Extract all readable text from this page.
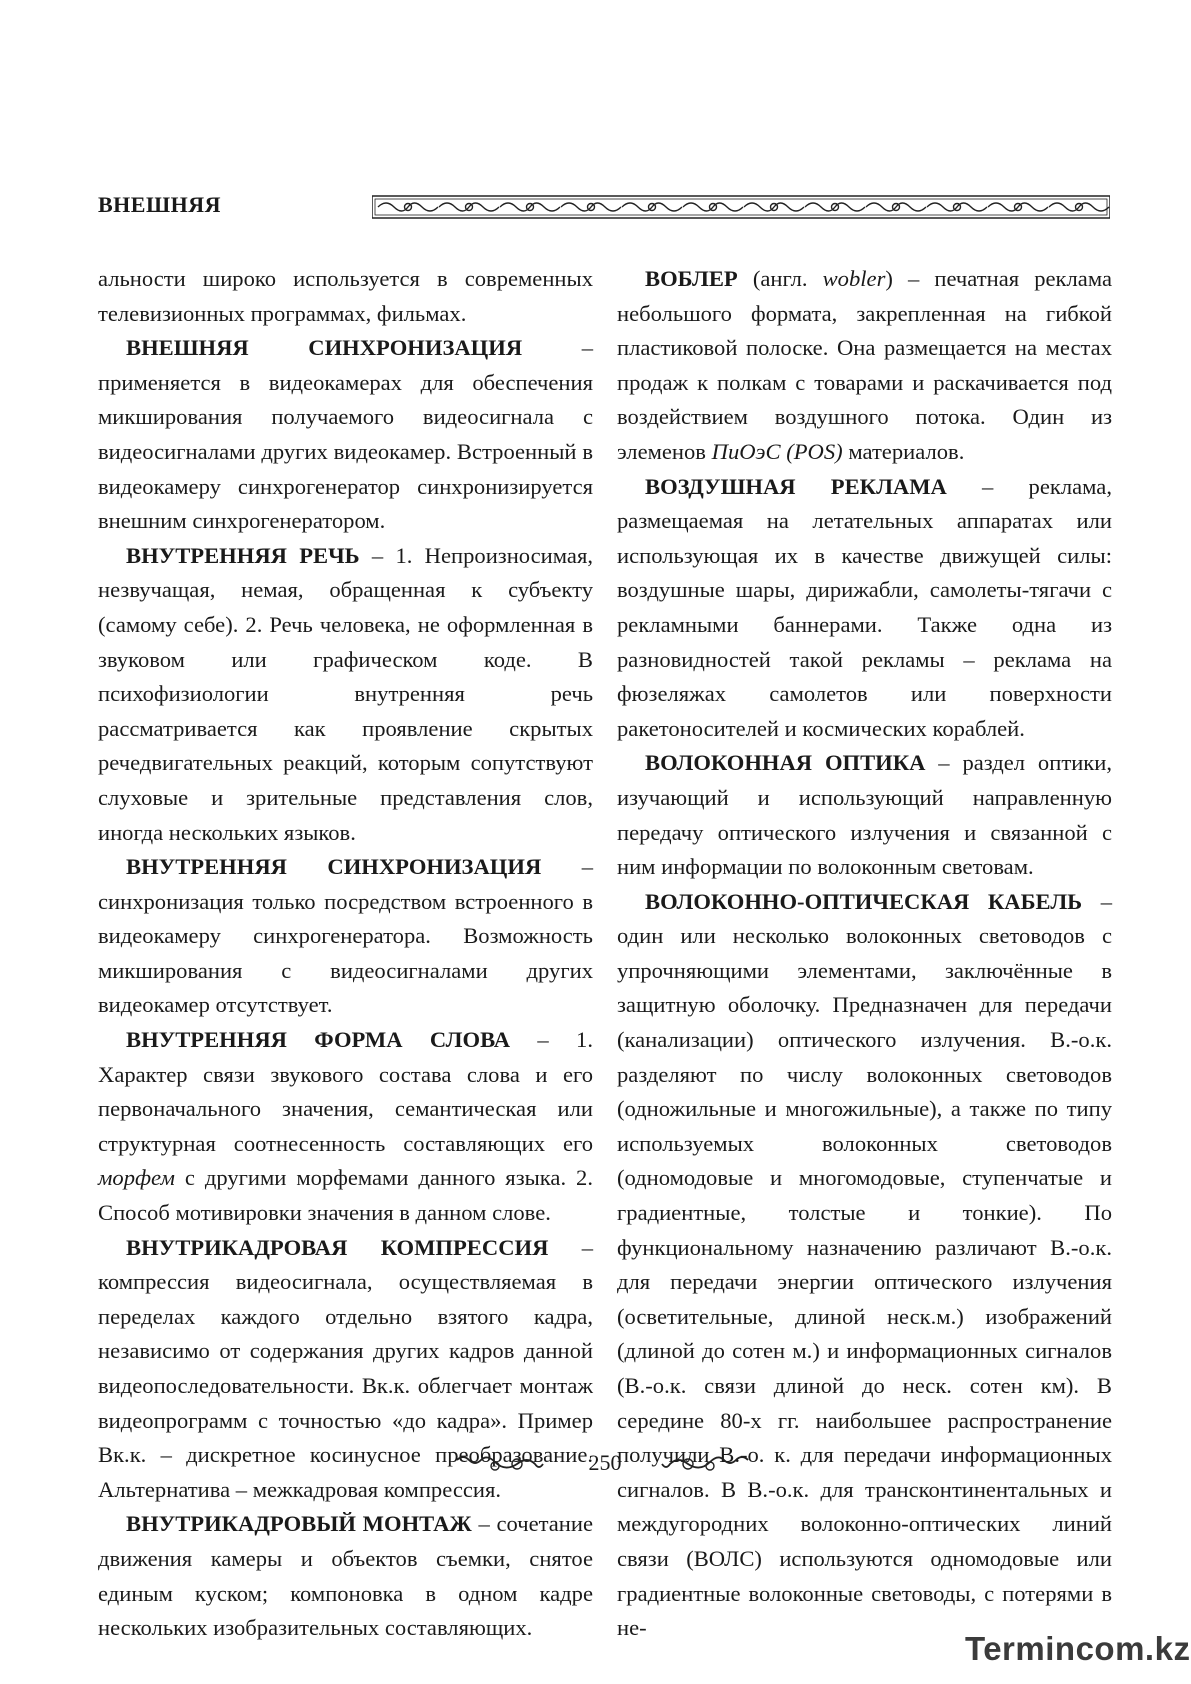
ВНЕШНЯЯ

альности широко используется в современных телевизионных программах, фильмах.

ВНЕШНЯЯ СИНХРОНИЗАЦИЯ – применяется в видеокамерах для обеспечения микширования получаемого видеосигнала с видеосигналами других видеокамер. Встроенный в видеокамеру синхрогенератор синхронизируется внешним синхрогенератором.

ВНУТРЕННЯЯ РЕЧЬ – 1. Непроизносимая, незвучащая, немая, обращенная к субъекту (самому себе). 2. Речь человека, не оформленная в звуковом или графическом коде. В психофизиологии внутренняя речь рассматривается как проявление скрытых речедвигательных реакций, которым сопутствуют слуховые и зрительные представления слов, иногда нескольких языков.

ВНУТРЕННЯЯ СИНХРОНИЗАЦИЯ – синхронизация только посредством встроенного в видеокамеру синхрогенератора. Возможность микширования с видеосигналами других видеокамер отсутствует.

ВНУТРЕННЯЯ ФОРМА СЛОВА – 1. Характер связи звукового состава слова и его первоначального значения, семантическая или структурная соотнесенность составляющих его морфем с другими морфемами данного языка. 2. Способ мотивировки значения в данном слове.

ВНУТРИКАДРОВАЯ КОМПРЕССИЯ – компрессия видеосигнала, осуществляемая в переделах каждого отдельно взятого кадра, независимо от содержания других кадров данной видеопоследовательности. Вк.к. облегчает монтаж видеопрограмм с точностью «до кадра». Пример Вк.к. – дискретное косинусное преобразование. Альтернатива – межкадровая компрессия.

ВНУТРИКАДРОВЫЙ МОНТАЖ – сочетание движения камеры и объектов съемки, снятое единым куском; компоновка в одном кадре нескольких изобразительных составляющих.

ВОБЛЕР (англ. wobler) – печатная реклама небольшого формата, закрепленная на гибкой пластиковой полоске. Она размещается на местах продаж к полкам с товарами и раскачивается под воздействием воздушного потока. Один из элеменов ПиОэС (POS) материалов.

ВОЗДУШНАЯ РЕКЛАМА – реклама, размещаемая на летательных аппаратах или использующая их в качестве движущей силы: воздушные шары, дирижабли, самолеты-тягачи с рекламными баннерами. Также одна из разновидностей такой рекламы – реклама на фюзеляжах самолетов или поверхности ракетоносителей и космических кораблей.

ВОЛОКОННАЯ ОПТИКА – раздел оптики, изучающий и использующий направленную передачу оптического излучения и связанной с ним информации по волоконным световам.

ВОЛОКОННО-ОПТИЧЕСКАЯ КАБЕЛЬ – один или несколько волоконных световодов с упрочняющими элементами, заключённые в защитную оболочку. Предназначен для передачи (канализации) оптического излучения. В.-о.к. разделяют по числу волоконных световодов (одножильные и многожильные), а также по типу используемых волоконных световодов (одномодовые и многомодовые, ступенчатые и градиентные, толстые и тонкие). По функциональному назначению различают В.-о.к. для передачи энергии оптического излучения (осветительные, длиной неск.м.) изображений (длиной до сотен м.) и информационных сигналов (В.-о.к. связи длиной до неск. сотен км). В середине 80-х гг. наибольшее распространение получили В.-о. к. для передачи информационных сигналов. В В.-о.к. для трансконтинентальных и междугородних волоконно-оптических линий связи (ВОЛС) используются одномодовые или градиентные волоконные световоды, с потерями в не-

250
Termincom.kz
